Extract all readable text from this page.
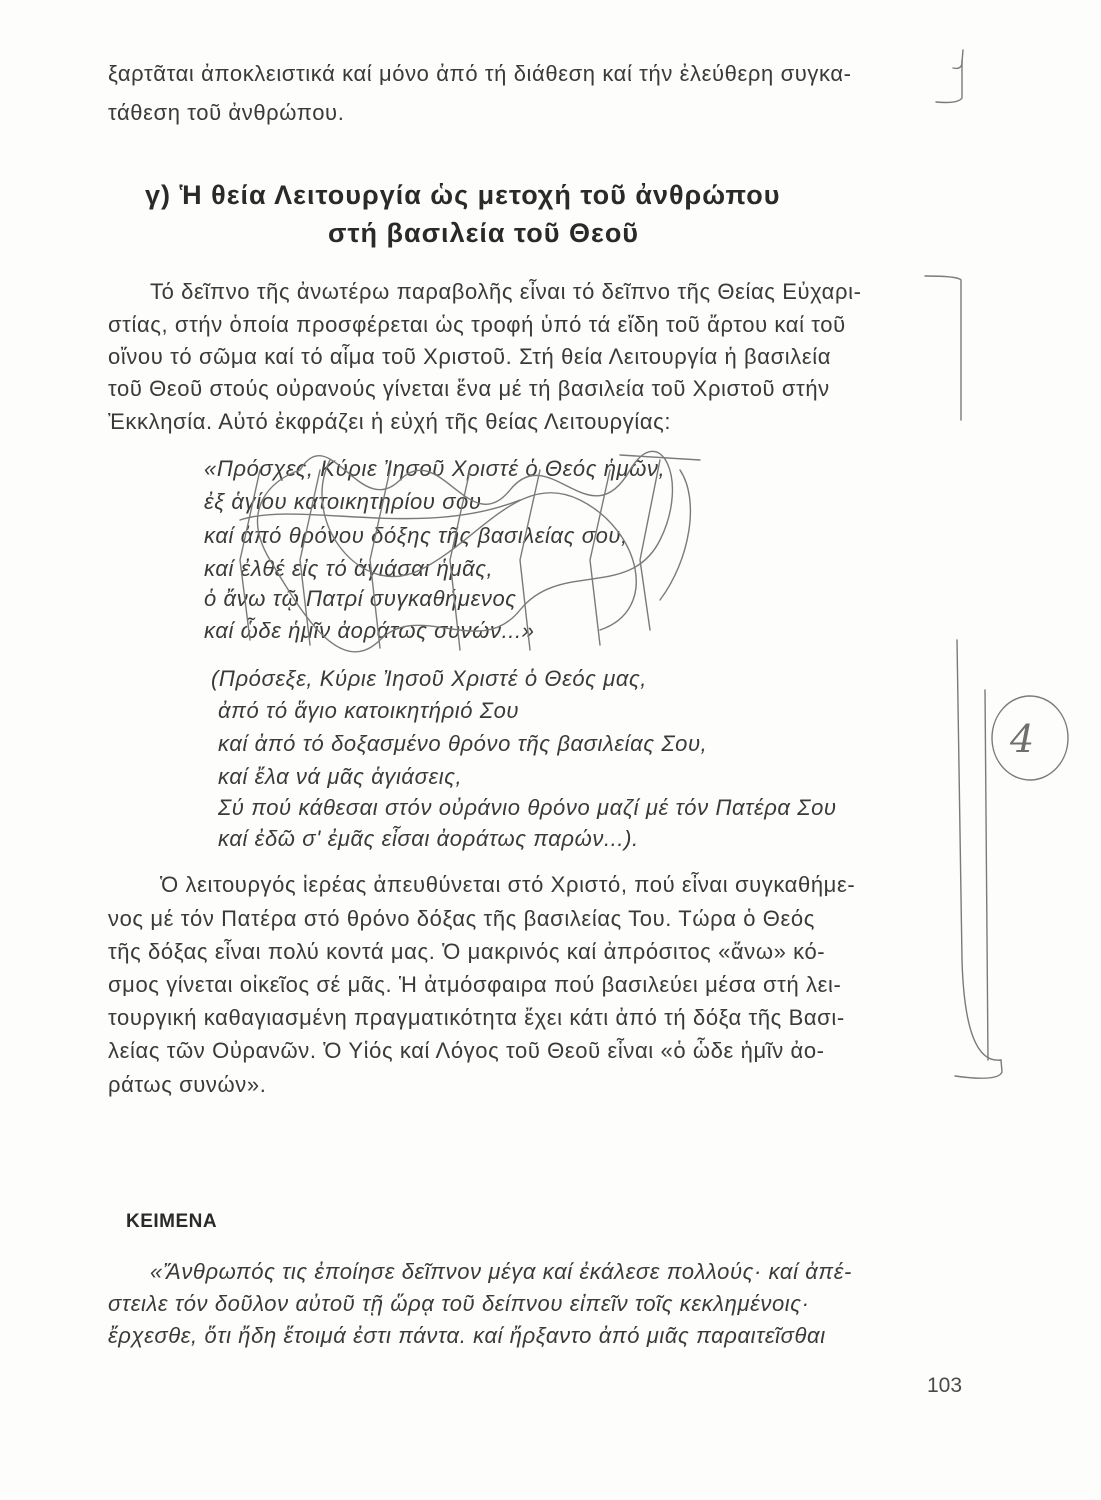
ξαρτᾶται ἀποκλειστικά καί μόνο ἀπό τή διάθεση καί τήν ἐλεύθερη συγκα-
τάθεση τοῦ ἀνθρώπου.
γ) Ἡ θεία Λειτουργία ὡς μετοχή τοῦ ἀνθρώπου
στή βασιλεία τοῦ Θεοῦ
Τό δεῖπνο τῆς ἀνωτέρω παραβολῆς εἶναι τό δεῖπνο τῆς Θείας Εὐχαρι-
στίας, στήν ὁποία προσφέρεται ὡς τροφή ὑπό τά εἴδη τοῦ ἄρτου καί τοῦ
οἴνου τό σῶμα καί τό αἷμα τοῦ Χριστοῦ. Στή θεία Λειτουργία ἡ βασιλεία
τοῦ Θεοῦ στούς οὐρανούς γίνεται ἕνα μέ τή βασιλεία τοῦ Χριστοῦ στήν
Ἐκκλησία. Αὐτό ἐκφράζει ἡ εὐχή τῆς θείας Λειτουργίας:
«Πρόσχες, Κύριε Ἰησοῦ Χριστέ ὁ Θεός ἡμῶν,
ἐξ ἁγίου κατοικητηρίου σου
καί ἀπό θρόνου δόξης τῆς βασιλείας σου,
καί ἐλθέ εἰς τό ἁγιάσαι ἡμᾶς,
ὁ ἄνω τῷ Πατρί συγκαθήμενος
καί ὧδε ἡμῖν ἀοράτως συνών...»
(Πρόσεξε, Κύριε Ἰησοῦ Χριστέ ὁ Θεός μας,
ἀπό τό ἅγιο κατοικητήριό Σου
καί ἀπό τό δοξασμένο θρόνο τῆς βασιλείας Σου,
καί ἔλα νά μᾶς ἁγιάσεις,
Σύ πού κάθεσαι στόν οὐράνιο θρόνο μαζί μέ τόν Πατέρα Σου
καί ἐδῶ σ' ἐμᾶς εἶσαι ἀοράτως παρών...).
Ὁ λειτουργός ἱερέας ἀπευθύνεται στό Χριστό, πού εἶναι συγκαθήμε-
νος μέ τόν Πατέρα στό θρόνο δόξας τῆς βασιλείας Του. Τώρα ὁ Θεός
τῆς δόξας εἶναι πολύ κοντά μας. Ὁ μακρινός καί ἀπρόσιτος «ἄνω» κό-
σμος γίνεται οἰκεῖος σέ μᾶς. Ἡ ἀτμόσφαιρα πού βασιλεύει μέσα στή λει-
τουργική καθαγιασμένη πραγματικότητα ἔχει κάτι ἀπό τή δόξα τῆς Βασι-
λείας τῶν Οὐρανῶν. Ὁ Υἱός καί Λόγος τοῦ Θεοῦ εἶναι «ὁ ὧδε ἡμῖν ἀο-
ράτως συνών».
ΚΕΙΜΕΝΑ
«Ἄνθρωπός τις ἐποίησε δεῖπνον μέγα καί ἐκάλεσε πολλούς· καί ἀπέ-
στειλε τόν δοῦλον αὐτοῦ τῇ ὥρᾳ τοῦ δείπνου εἰπεῖν τοῖς κεκλημένοις·
ἔρχεσθε, ὅτι ἤδη ἕτοιμά ἐστι πάντα. καί ἤρξαντο ἀπό μιᾶς παραιτεῖσθαι
103
4
